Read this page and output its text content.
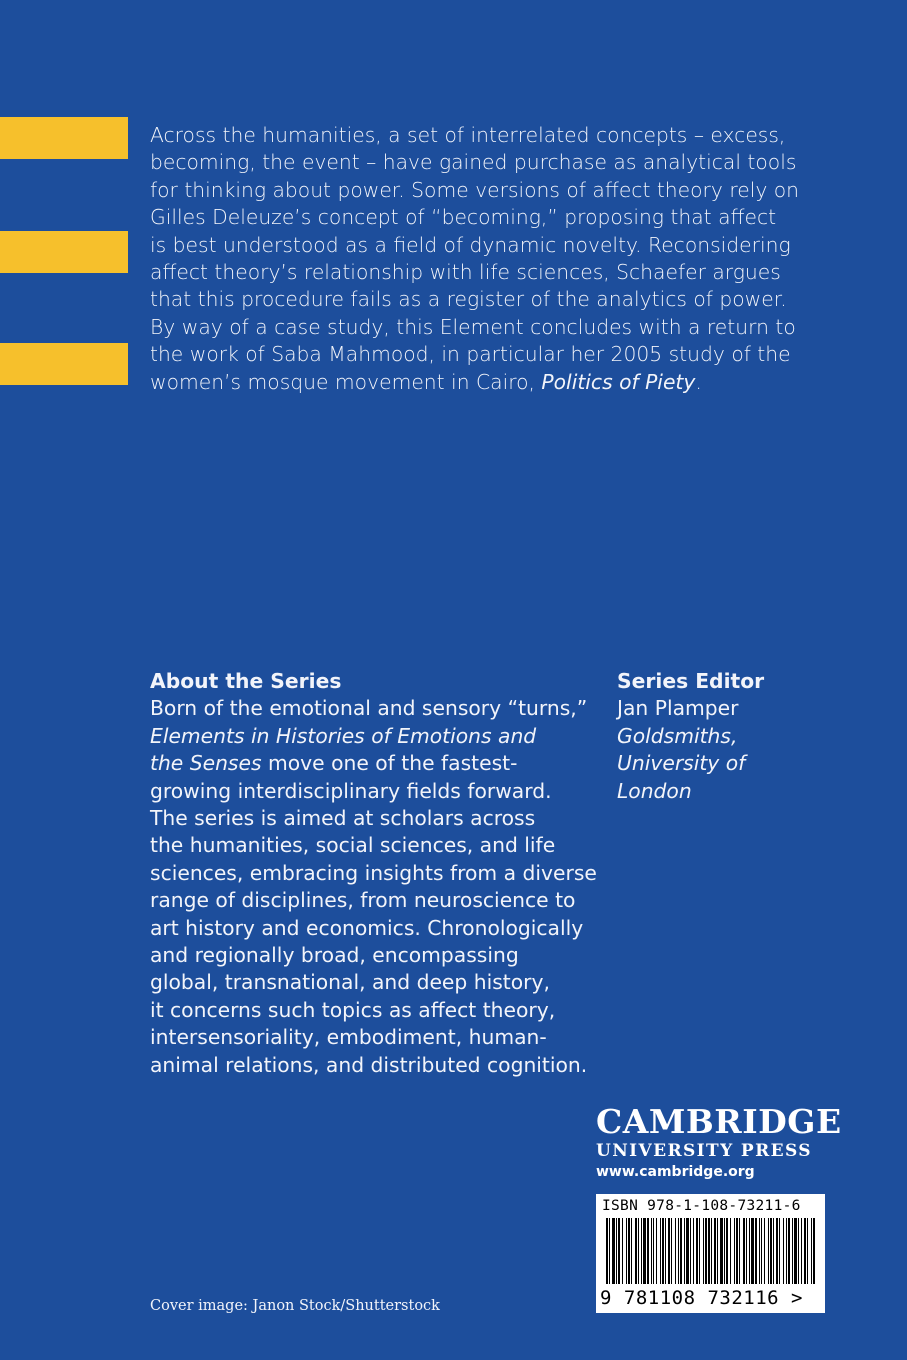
Across the humanities, a set of interrelated concepts – excess,
becoming, the event – have gained purchase as analytical tools
for thinking about power. Some versions of affect theory rely on
Gilles Deleuze’s concept of “becoming,” proposing that affect
is best understood as a field of dynamic novelty. Reconsidering
affect theory’s relationship with life sciences, Schaefer argues
that this procedure fails as a register of the analytics of power.
By way of a case study, this Element concludes with a return to
the work of Saba Mahmood, in particular her 2005 study of the
women’s mosque movement in Cairo, Politics of Piety.
About the Series
Born of the emotional and sensory “turns,”
Elements in Histories of Emotions and
the Senses move one of the fastest-
growing interdisciplinary fields forward.
The series is aimed at scholars across
the humanities, social sciences, and life
sciences, embracing insights from a diverse
range of disciplines, from neuroscience to
art history and economics. Chronologically
and regionally broad, encompassing
global, transnational, and deep history,
it concerns such topics as affect theory,
intersensoriality, embodiment, human-
animal relations, and distributed cognition.
Series Editor
Jan Plamper
Goldsmiths,
University of
London
CAMBRIDGE
UNIVERSITY PRESS
www.cambridge.org
ISBN 978-1-108-73211-6
9 781108 732116 >
Cover image: Janon Stock/Shutterstock
